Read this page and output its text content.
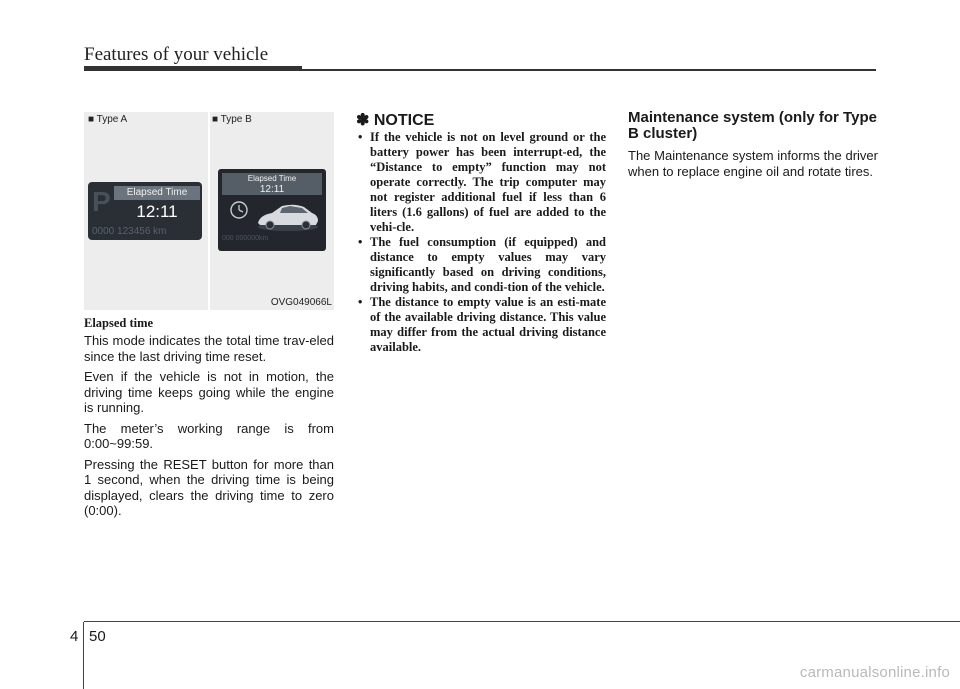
Features of your vehicle
■ Type A	■ Type B
P	Elapsed Time
12:11
0000 123456 km
Elapsed Time
12:11
000 000000km
OVG049066L
Elapsed time

This mode indicates the total time trav-eled since the last driving time reset.

Even if the vehicle is not in motion, the driving time keeps going while the engine is running.

The meter’s working range is from 0:00~99:59.

Pressing the RESET button for more than 1 second, when the driving time is being displayed, clears the driving time to zero (0:00).

✽ NOTICE
• If the vehicle is not on level ground or the battery power has been interrupt-ed, the “Distance to empty” function may not operate correctly. The trip computer may not register additional fuel if less than 6 liters (1.6 gallons) of fuel are added to the vehi-cle.
• The fuel consumption (if equipped) and distance to empty values may vary significantly based on driving conditions, driving habits, and condi-tion of the vehicle.
• The distance to empty value is an esti-mate of the available driving distance. This value may differ from the actual driving distance available.
Maintenance system (only for Type B cluster)

The Maintenance system informs the driver when to replace engine oil and rotate tires.

4 50
carmanualsonline.info
